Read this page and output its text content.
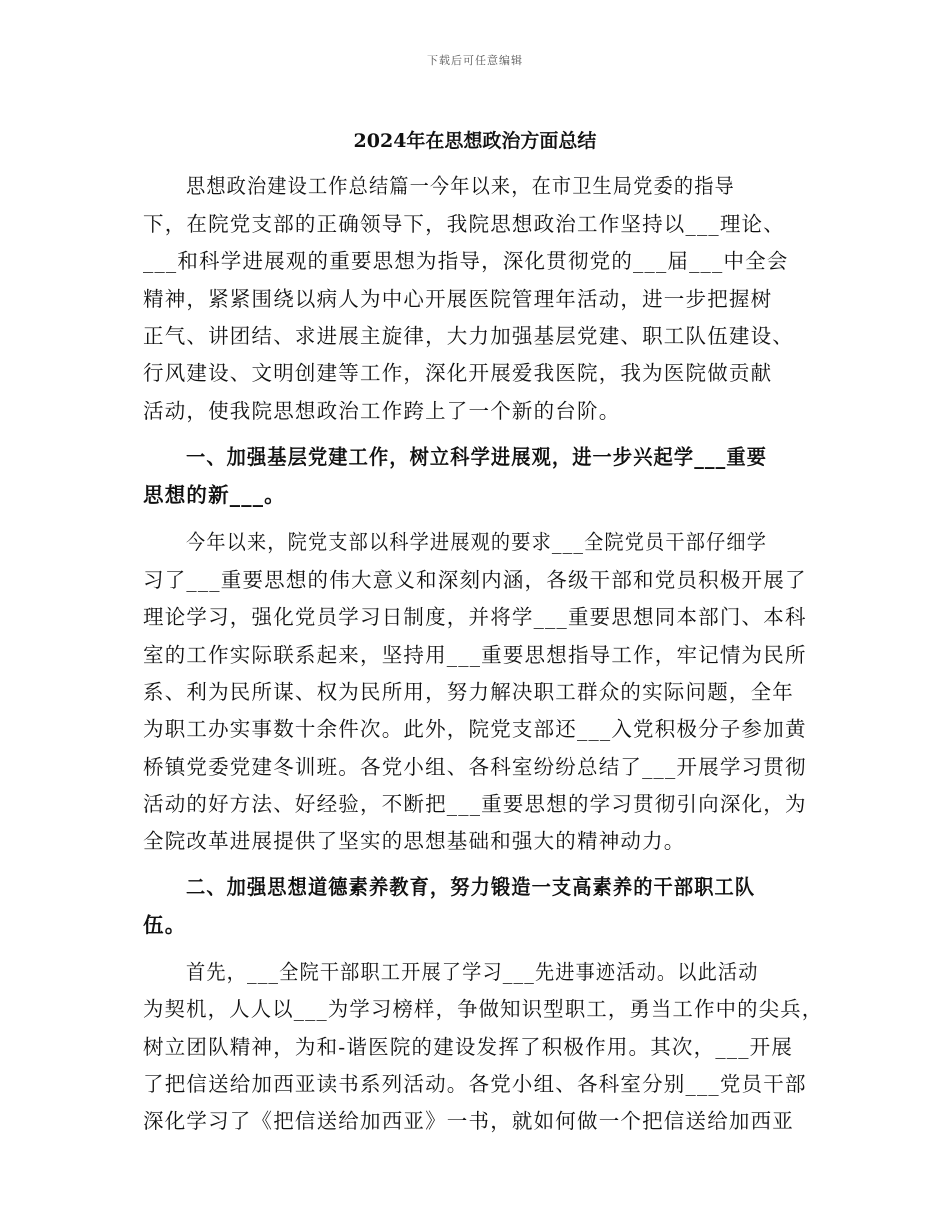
下载后可任意编辑
2024年在思想政治方面总结
思想政治建设工作总结篇一今年以来，在市卫生局党委的指导
下，在院党支部的正确领导下，我院思想政治工作坚持以___理论、
___和科学进展观的重要思想为指导，深化贯彻党的___届___中全会
精神，紧紧围绕以病人为中心开展医院管理年活动，进一步把握树
正气、讲团结、求进展主旋律，大力加强基层党建、职工队伍建设、
行风建设、文明创建等工作，深化开展爱我医院，我为医院做贡献
活动，使我院思想政治工作跨上了一个新的台阶。
一、加强基层党建工作，树立科学进展观，进一步兴起学___重要
思想的新___。
今年以来，院党支部以科学进展观的要求___全院党员干部仔细学
习了___重要思想的伟大意义和深刻内涵，各级干部和党员积极开展了
理论学习，强化党员学习日制度，并将学___重要思想同本部门、本科
室的工作实际联系起来，坚持用___重要思想指导工作，牢记情为民所
系、利为民所谋、权为民所用，努力解决职工群众的实际问题，全年
为职工办实事数十余件次。此外，院党支部还___入党积极分子参加黄
桥镇党委党建冬训班。各党小组、各科室纷纷总结了___开展学习贯彻
活动的好方法、好经验，不断把___重要思想的学习贯彻引向深化，为
全院改革进展提供了坚实的思想基础和强大的精神动力。
二、加强思想道德素养教育，努力锻造一支高素养的干部职工队
伍。
首先，___全院干部职工开展了学习___先进事迹活动。以此活动
为契机，人人以___为学习榜样，争做知识型职工，勇当工作中的尖兵，
树立团队精神，为和-谐医院的建设发挥了积极作用。其次，___开展
了把信送给加西亚读书系列活动。各党小组、各科室分别___党员干部
深化学习了《把信送给加西亚》一书，就如何做一个把信送给加西亚
